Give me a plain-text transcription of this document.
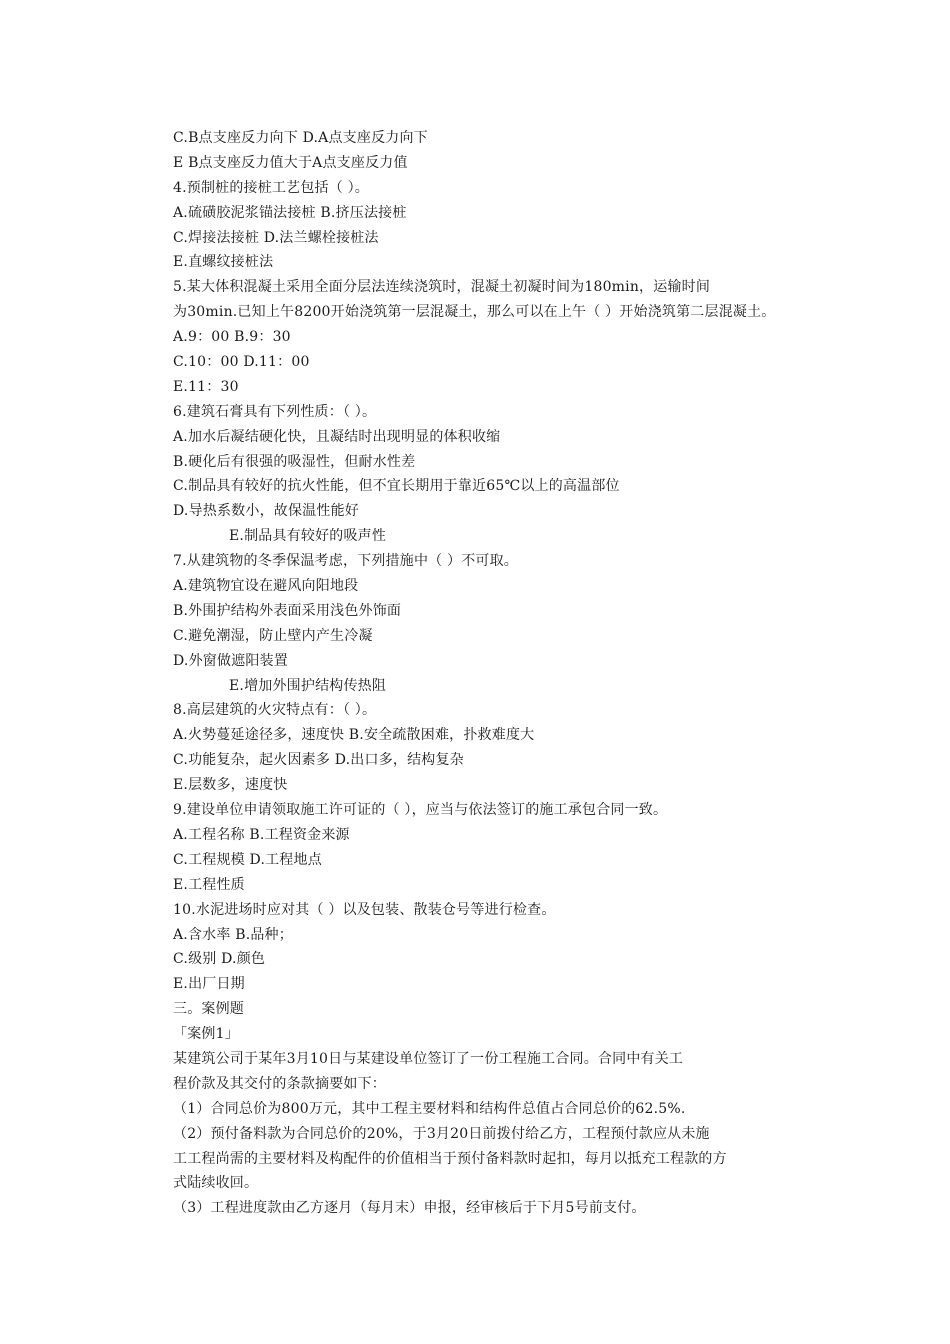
C.B点支座反力向下 D.A点支座反力向下
E B点支座反力值大于A点支座反力值
4.预制桩的接桩工艺包括（ ）。
A.硫磺胶泥浆锚法接桩 B.挤压法接桩
C.焊接法接桩 D.法兰螺栓接桩法
E.直螺纹接桩法
5.某大体积混凝土采用全面分层法连续浇筑时，混凝土初凝时间为180min，运输时间
为30min.已知上午8200开始浇筑第一层混凝土，那么可以在上午（ ）开始浇筑第二层混凝土。
A.9：00 B.9：30
C.10：00 D.11：00
E.11：30
6.建筑石膏具有下列性质：（ ）。
A.加水后凝结硬化快，且凝结时出现明显的体积收缩
B.硬化后有很强的吸湿性，但耐水性差
C.制品具有较好的抗火性能，但不宜长期用于靠近65℃以上的高温部位
D.导热系数小，故保温性能好
E.制品具有较好的吸声性
7.从建筑物的冬季保温考虑，下列措施中（ ）不可取。
A.建筑物宜设在避风向阳地段
B.外围护结构外表面采用浅色外饰面
C.避免潮湿，防止壁内产生冷凝
D.外窗做遮阳装置
E.增加外围护结构传热阻
8.高层建筑的火灾特点有：（ ）。
A.火势蔓延途径多，速度快 B.安全疏散困难，扑救难度大
C.功能复杂，起火因素多 D.出口多，结构复杂
E.层数多，速度快
9.建设单位申请领取施工许可证的（ ），应当与依法签订的施工承包合同一致。
A.工程名称 B.工程资金来源
C.工程规模 D.工程地点
E.工程性质
10.水泥进场时应对其（ ）以及包装、散装仓号等进行检查。
A.含水率 B.品种；
C.级别 D.颜色
E.出厂日期
三。案例题
「案例1」
某建筑公司于某年3月10日与某建设单位签订了一份工程施工合同。合同中有关工
程价款及其交付的条款摘要如下：
（1）合同总价为800万元，其中工程主要材料和结构件总值占合同总价的62.5%.
（2）预付备料款为合同总价的20%，于3月20日前拨付给乙方，工程预付款应从未施
工工程尚需的主要材料及构配件的价值相当于预付备料款时起扣，每月以抵充工程款的方
式陆续收回。
（3）工程进度款由乙方逐月（每月末）申报，经审核后于下月5号前支付。
